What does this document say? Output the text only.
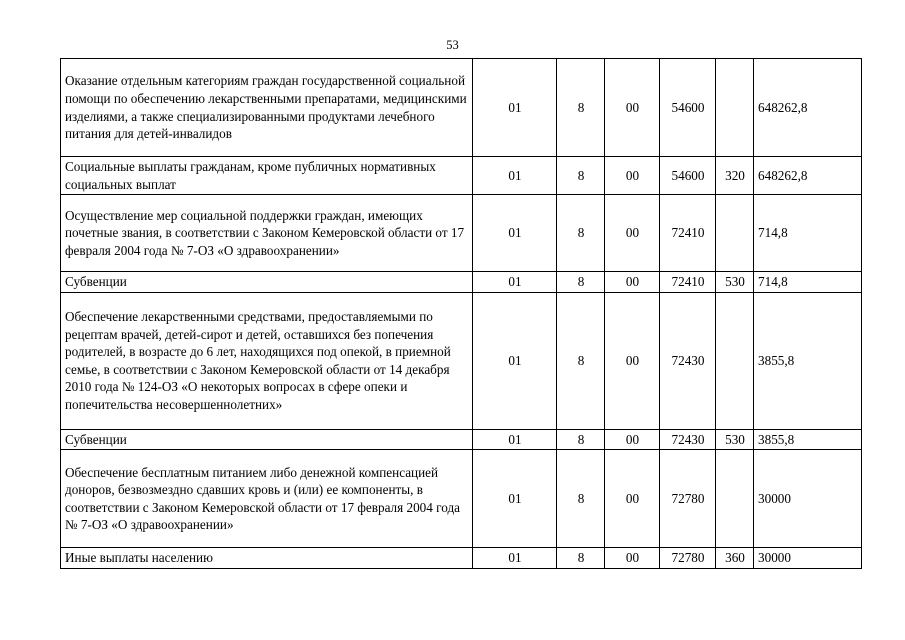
53
Оказание отдельным категориям граждан государственной социальной помощи по обеспечению лекарственными препаратами, медицинскими изделиями, а также специализированными продуктами лечебного питания для детей-инвалидов	01	8	00	54600		648262,8
Социальные выплаты гражданам, кроме публичных нормативных социальных выплат	01	8	00	54600	320	648262,8
Осуществление мер социальной поддержки граждан, имеющих почетные звания, в соответствии с Законом Кемеровской области от 17 февраля 2004 года № 7-ОЗ «О здравоохранении»	01	8	00	72410		714,8
Субвенции	01	8	00	72410	530	714,8
Обеспечение лекарственными средствами, предоставляемыми по рецептам врачей, детей-сирот и детей, оставшихся без попечения родителей, в возрасте до 6 лет, находящихся под опекой, в приемной семье, в соответствии с Законом Кемеровской области от 14 декабря 2010 года № 124-ОЗ «О некоторых вопросах в сфере опеки и попечительства несовершеннолетних»	01	8	00	72430		3855,8
Субвенции	01	8	00	72430	530	3855,8
Обеспечение бесплатным питанием либо денежной компенсацией доноров, безвозмездно сдавших кровь и (или) ее компоненты, в соответствии с Законом Кемеровской области от 17 февраля 2004 года № 7-ОЗ «О здравоохранении»	01	8	00	72780		30000
Иные выплаты населению	01	8	00	72780	360	30000
